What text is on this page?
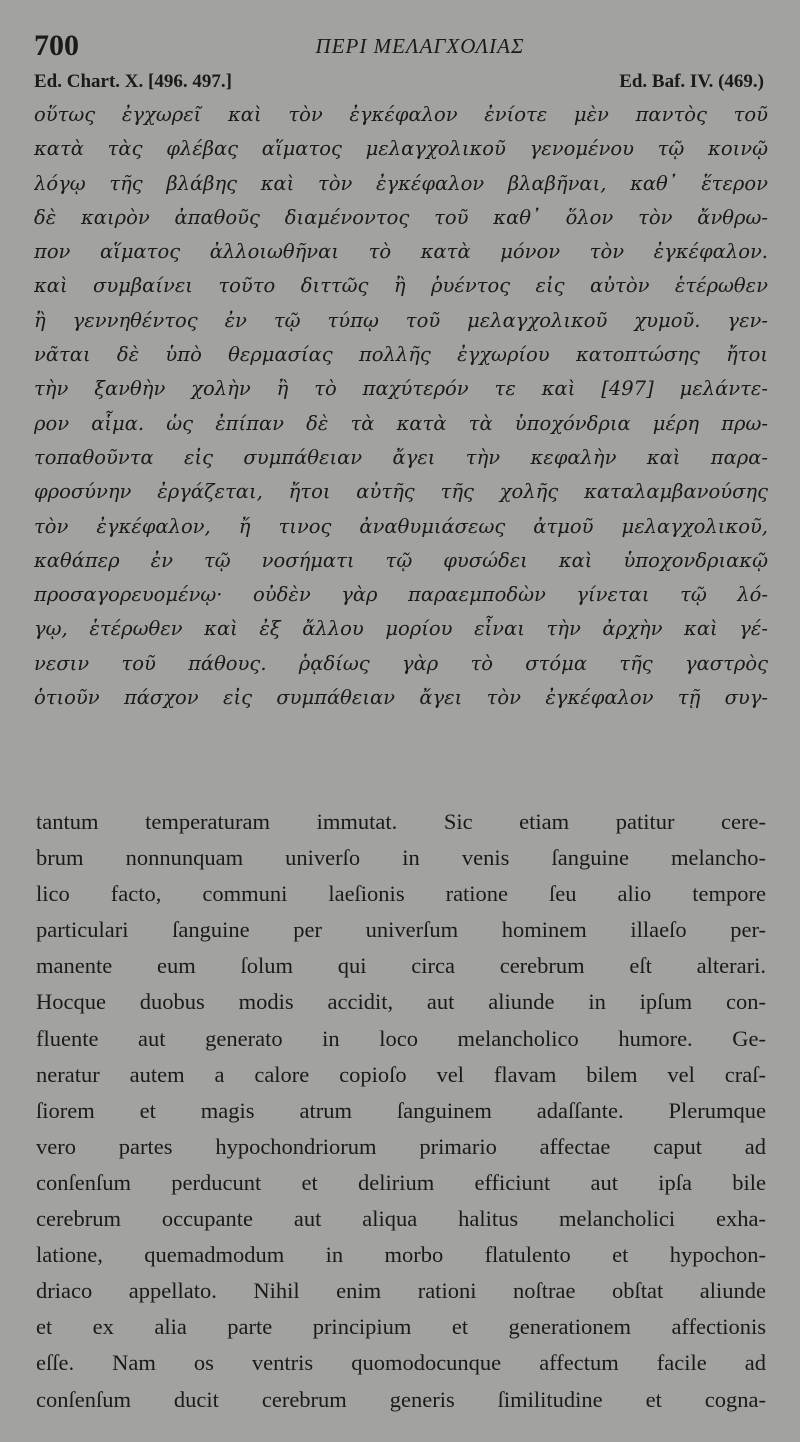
700	ΠΕΡΙ ΜΕΛΑΓΧΟΛΙΑΣ
Ed. Chart. X. [496. 497.]	Ed. Baf. IV. (469.)
οὕτως ἐγχωρεῖ καὶ τὸν ἐγκέφαλον ἐνίοτε μὲν παντὸς τοῦ
κατὰ τὰς φλέβας αἵματος μελαγχολικοῦ γενομένου τῷ κοινῷ
λόγῳ τῆς βλάβης καὶ τὸν ἐγκέφαλον βλαβῆναι, καθ᾽ ἕτερον
δὲ καιρὸν ἀπαθοῦς διαμένοντος τοῦ καθ᾽ ὅλον τὸν ἄνθρω-
πον αἵματος ἀλλοιωθῆναι τὸ κατὰ μόνον τὸν ἐγκέφαλον.
καὶ συμβαίνει τοῦτο διττῶς ἢ ῥυέντος εἰς αὐτὸν ἑτέρωθεν
ἢ γεννηθέντος ἐν τῷ τύπῳ τοῦ μελαγχολικοῦ χυμοῦ. γεν-
νᾶται δὲ ὑπὸ θερμασίας πολλῆς ἐγχωρίου κατοπτώσης ἤτοι
τὴν ξανθὴν χολὴν ἢ τὸ παχύτερόν τε καὶ [497] μελάντε-
ρον αἷμα. ὡς ἐπίπαν δὲ τὰ κατὰ τὰ ὑποχόνδρια μέρη πρω-
τοπαθοῦντα εἰς συμπάθειαν ἄγει τὴν κεφαλὴν καὶ παρα-
φροσύνην ἐργάζεται, ἤτοι αὐτῆς τῆς χολῆς καταλαμβανούσης
τὸν ἐγκέφαλον, ἤ τινος ἀναθυμιάσεως ἀτμοῦ μελαγχολικοῦ,
καθάπερ ἐν τῷ νοσήματι τῷ φυσώδει καὶ ὑποχονδριακῷ
προσαγορευομένῳ· οὐδὲν γὰρ παραεμποδὼν γίνεται τῷ λό-
γῳ, ἑτέρωθεν καὶ ἐξ ἄλλου μορίου εἶναι τὴν ἀρχὴν καὶ γέ-
νεσιν τοῦ πάθους. ῥᾳδίως γὰρ τὸ στόμα τῆς γαστρὸς
ὁτιοῦν πάσχον εἰς συμπάθειαν ἄγει τὸν ἐγκέφαλον τῇ συγ-
tantum temperaturam immutat. Sic etiam patitur cere-
brum nonnunquam univerſo in venis ſanguine melancho-
lico facto, communi laeſionis ratione ſeu alio tempore
particulari ſanguine per univerſum hominem illaeſo per-
manente eum ſolum qui circa cerebrum eſt alterari.
Hocque duobus modis accidit, aut aliunde in ipſum con-
fluente aut generato in loco melancholico humore. Ge-
neratur autem a calore copioſo vel flavam bilem vel craſ-
ſiorem et magis atrum ſanguinem adaſſante. Plerumque
vero partes hypochondriorum primario affectae caput ad
conſenſum perducunt et delirium efficiunt aut ipſa bile
cerebrum occupante aut aliqua halitus melancholici exha-
latione, quemadmodum in morbo flatulento et hypochon-
driaco appellato. Nihil enim rationi noſtrae obſtat aliunde
et ex alia parte principium et generationem affectionis
eſſe. Nam os ventris quomodocunque affectum facile ad
conſenſum ducit cerebrum generis ſimilitudine et cogna-
